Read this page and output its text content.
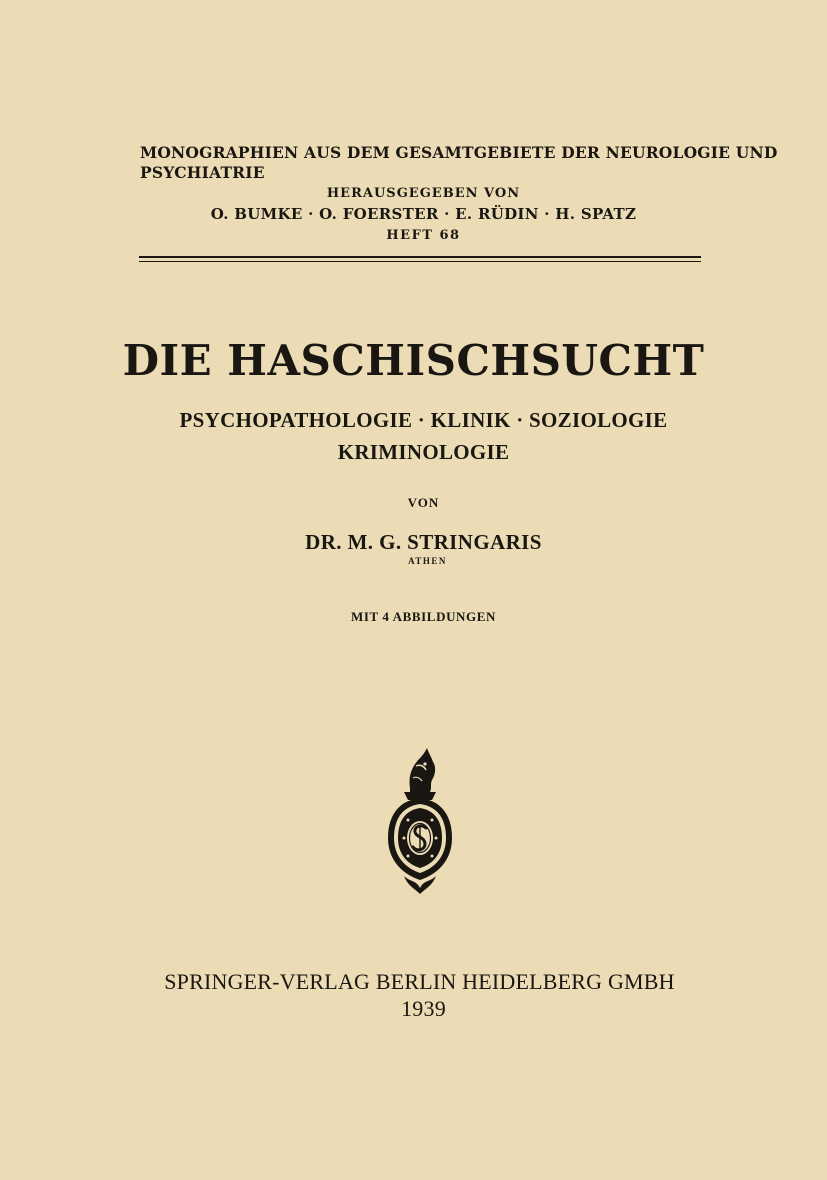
MONOGRAPHIEN AUS DEM GESAMTGEBIETE DER NEUROLOGIE UND
PSYCHIATRIE
HERAUSGEGEBEN VON
O. BUMKE · O. FOERSTER · E. RÜDIN · H. SPATZ
HEFT 68
DIE HASCHISCHSUCHT
PSYCHOPATHOLOGIE · KLINIK · SOZIOLOGIE
KRIMINOLOGIE
VON
DR. M. G. STRINGARIS
ATHEN
MIT 4 ABBILDUNGEN
SPRINGER-VERLAG BERLIN HEIDELBERG GMBH
1939
